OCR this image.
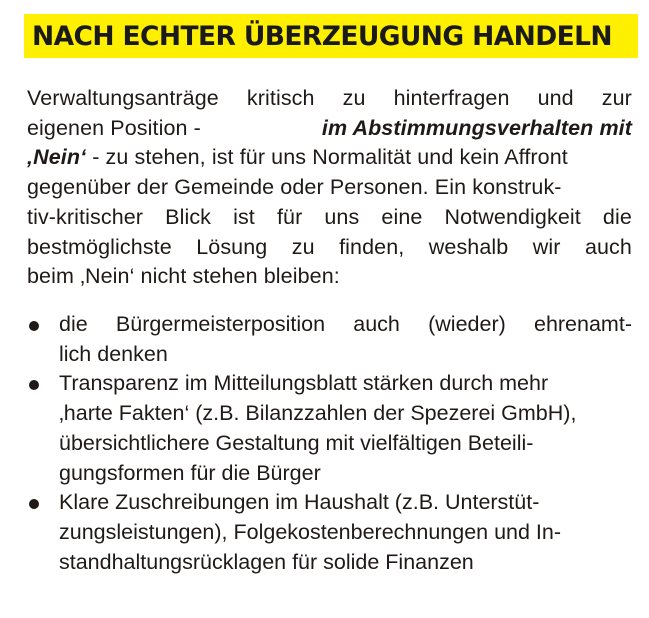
NACH ECHTER ÜBERZEUGUNG HANDELN
Verwaltungsanträge kritisch zu hinterfragen und zur
eigenen Position -	im Abstimmungsverhalten mit
‚Nein‘ - zu stehen, ist für uns Normalität und kein Affront
gegenüber der Gemeinde oder Personen. Ein konstruk-
tiv-kritischer Blick ist für uns eine Notwendigkeit die
bestmöglichste Lösung zu finden, weshalb wir auch
beim ‚Nein‘ nicht stehen bleiben:
die Bürgermeisterposition auch (wieder) ehrenamt-
lich denken
Transparenz im Mitteilungsblatt stärken durch mehr
‚harte Fakten‘ (z.B. Bilanzzahlen der Spezerei GmbH),
übersichtlichere Gestaltung mit vielfältigen Beteili-
gungsformen für die Bürger
Klare Zuschreibungen im Haushalt (z.B. Unterstüt-
zungsleistungen), Folgekostenberechnungen und In-
standhaltungsrücklagen für solide Finanzen
